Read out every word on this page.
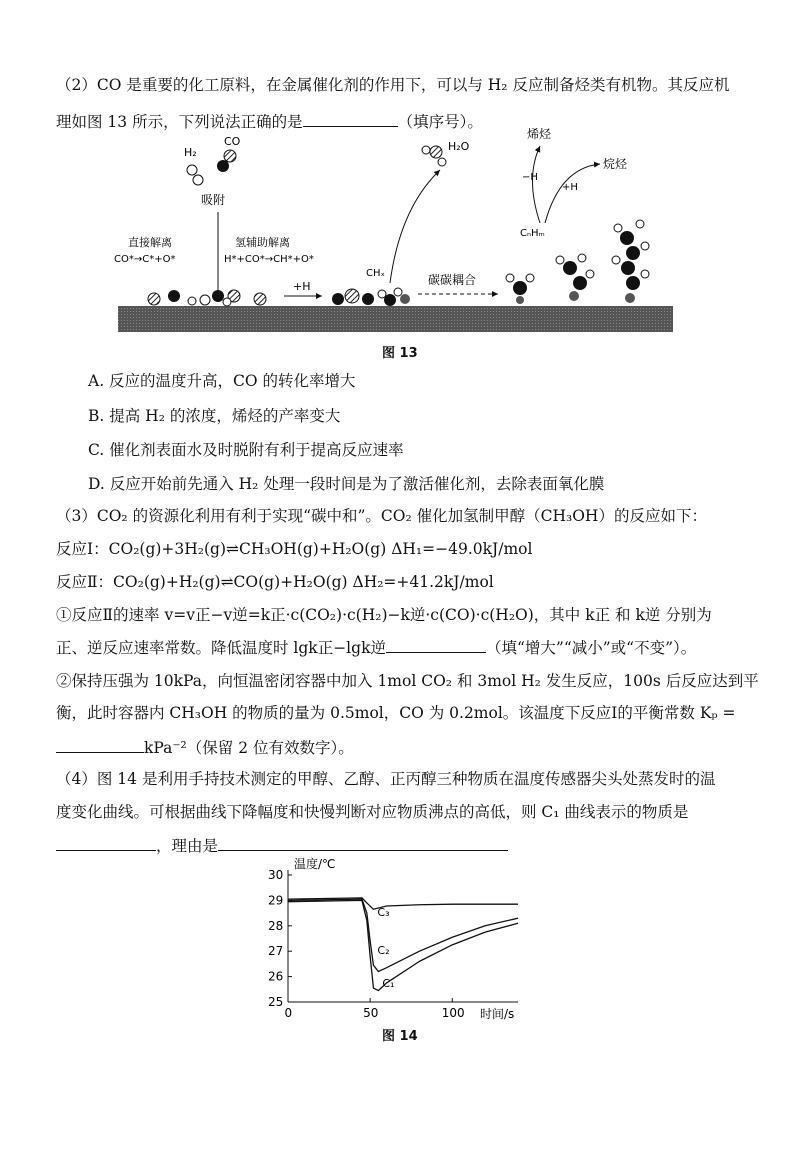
（2）CO 是重要的化工原料，在金属催化剂的作用下，可以与 H₂ 反应制备烃类有机物。其反应机
理如图 13 所示，下列说法正确的是	（填序号）。
H₂
CO
吸附
直接解离
CO*→C*+O*
氢辅助解离
H*+CO*→CH*+O*
+H
CHₓ
H₂O
碳碳耦合
烯烃
烷烃
−H
+H
CₙHₘ
图 13
A. 反应的温度升高，CO 的转化率增大
B. 提高 H₂ 的浓度，烯烃的产率变大
C. 催化剂表面水及时脱附有利于提高反应速率
D. 反应开始前先通入 H₂ 处理一段时间是为了激活催化剂，去除表面氧化膜
（3）CO₂ 的资源化利用有利于实现“碳中和”。CO₂ 催化加氢制甲醇（CH₃OH）的反应如下：
反应Ⅰ：CO₂(g)+3H₂(g)⇌CH₃OH(g)+H₂O(g) ΔH₁=−49.0kJ/mol
反应Ⅱ：CO₂(g)+H₂(g)⇌CO(g)+H₂O(g) ΔH₂=+41.2kJ/mol
①反应Ⅱ的速率 v=v正−v逆=k正·c(CO₂)·c(H₂)−k逆·c(CO)·c(H₂O)，其中 k正 和 k逆 分别为
正、逆反应速率常数。降低温度时 lgk正−lgk逆	（填“增大”“减小”或“不变”）。
②保持压强为 10kPa，向恒温密闭容器中加入 1mol CO₂ 和 3mol H₂ 发生反应，100s 后反应达到平
衡，此时容器内 CH₃OH 的物质的量为 0.5mol，CO 为 0.2mol。该温度下反应Ⅰ的平衡常数 Kₚ =
kPa⁻²（保留 2 位有效数字）。
（4）图 14 是利用手持技术测定的甲醇、乙醇、正丙醇三种物质在温度传感器尖头处蒸发时的温
度变化曲线。可根据曲线下降幅度和快慢判断对应物质沸点的高低，则 C₁ 曲线表示的物质是
，理由是
温度/℃
时间/s
25
26
27
28
29
30
0	50	100
C₃
C₂
C₁
图 14
